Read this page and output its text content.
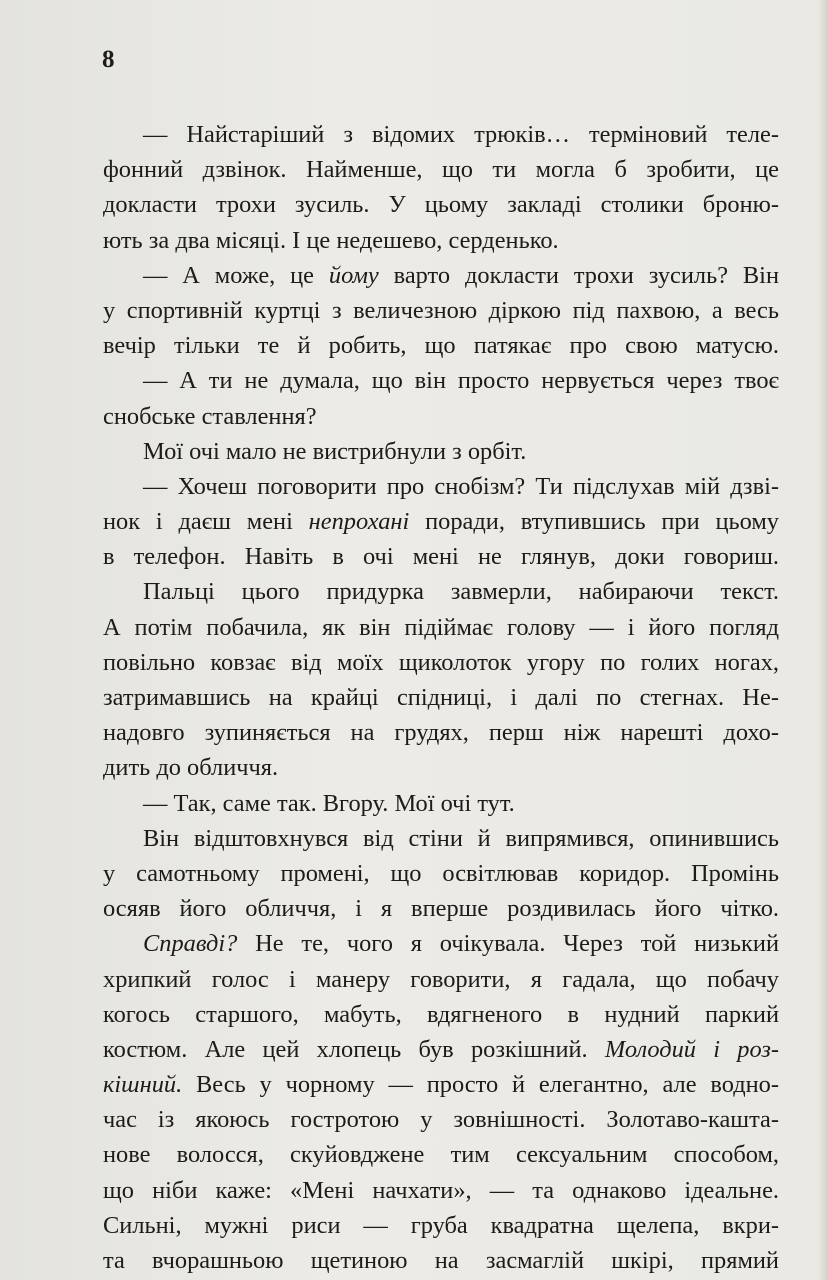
8
— Найстаріший з відомих трюків… терміновий теле-
фонний дзвінок. Найменше, що ти могла б зробити, це
докласти трохи зусиль. У цьому закладі столики броню-
ють за два місяці. І це недешево, серденько.
— А може, це йому варто докласти трохи зусиль? Він
у спортивній куртці з величезною діркою під пахвою, а весь
вечір тільки те й робить, що патякає про свою матусю.
— А ти не думала, що він просто нервується через твоє
снобське ставлення?
Мої очі мало не вистрибнули з орбіт.
— Хочеш поговорити про снобізм? Ти підслухав мій дзві-
нок і даєш мені непрохані поради, втупившись при цьому
в телефон. Навіть в очі мені не глянув, доки говориш.
Пальці цього придурка завмерли, набираючи текст.
А потім побачила, як він підіймає голову — і його погляд
повільно ковзає від моїх щиколоток угору по голих ногах,
затримавшись на крайці спідниці, і далі по стегнах. Не-
надовго зупиняється на грудях, перш ніж нарешті дохо-
дить до обличчя.
— Так, саме так. Вгору. Мої очі тут.
Він відштовхнувся від стіни й випрямився, опинившись
у самотньому промені, що освітлював коридор. Промінь
осяяв його обличчя, і я вперше роздивилась його чітко.
Справді? Не те, чого я очікувала. Через той низький
хрипкий голос і манеру говорити, я гадала, що побачу
когось старшого, мабуть, вдягненого в нудний паркий
костюм. Але цей хлопець був розкішний. Молодий і роз-
кішний. Весь у чорному — просто й елегантно, але водно-
час із якоюсь гостротою у зовнішності. Золотаво-кашта-
нове волосся, скуйовджене тим сексуальним способом,
що ніби каже: «Мені начхати», — та однаково ідеальне.
Сильні, мужні риси — груба квадратна щелепа, вкри-
та вчорашньою щетиною на засмаглій шкірі, прямий
